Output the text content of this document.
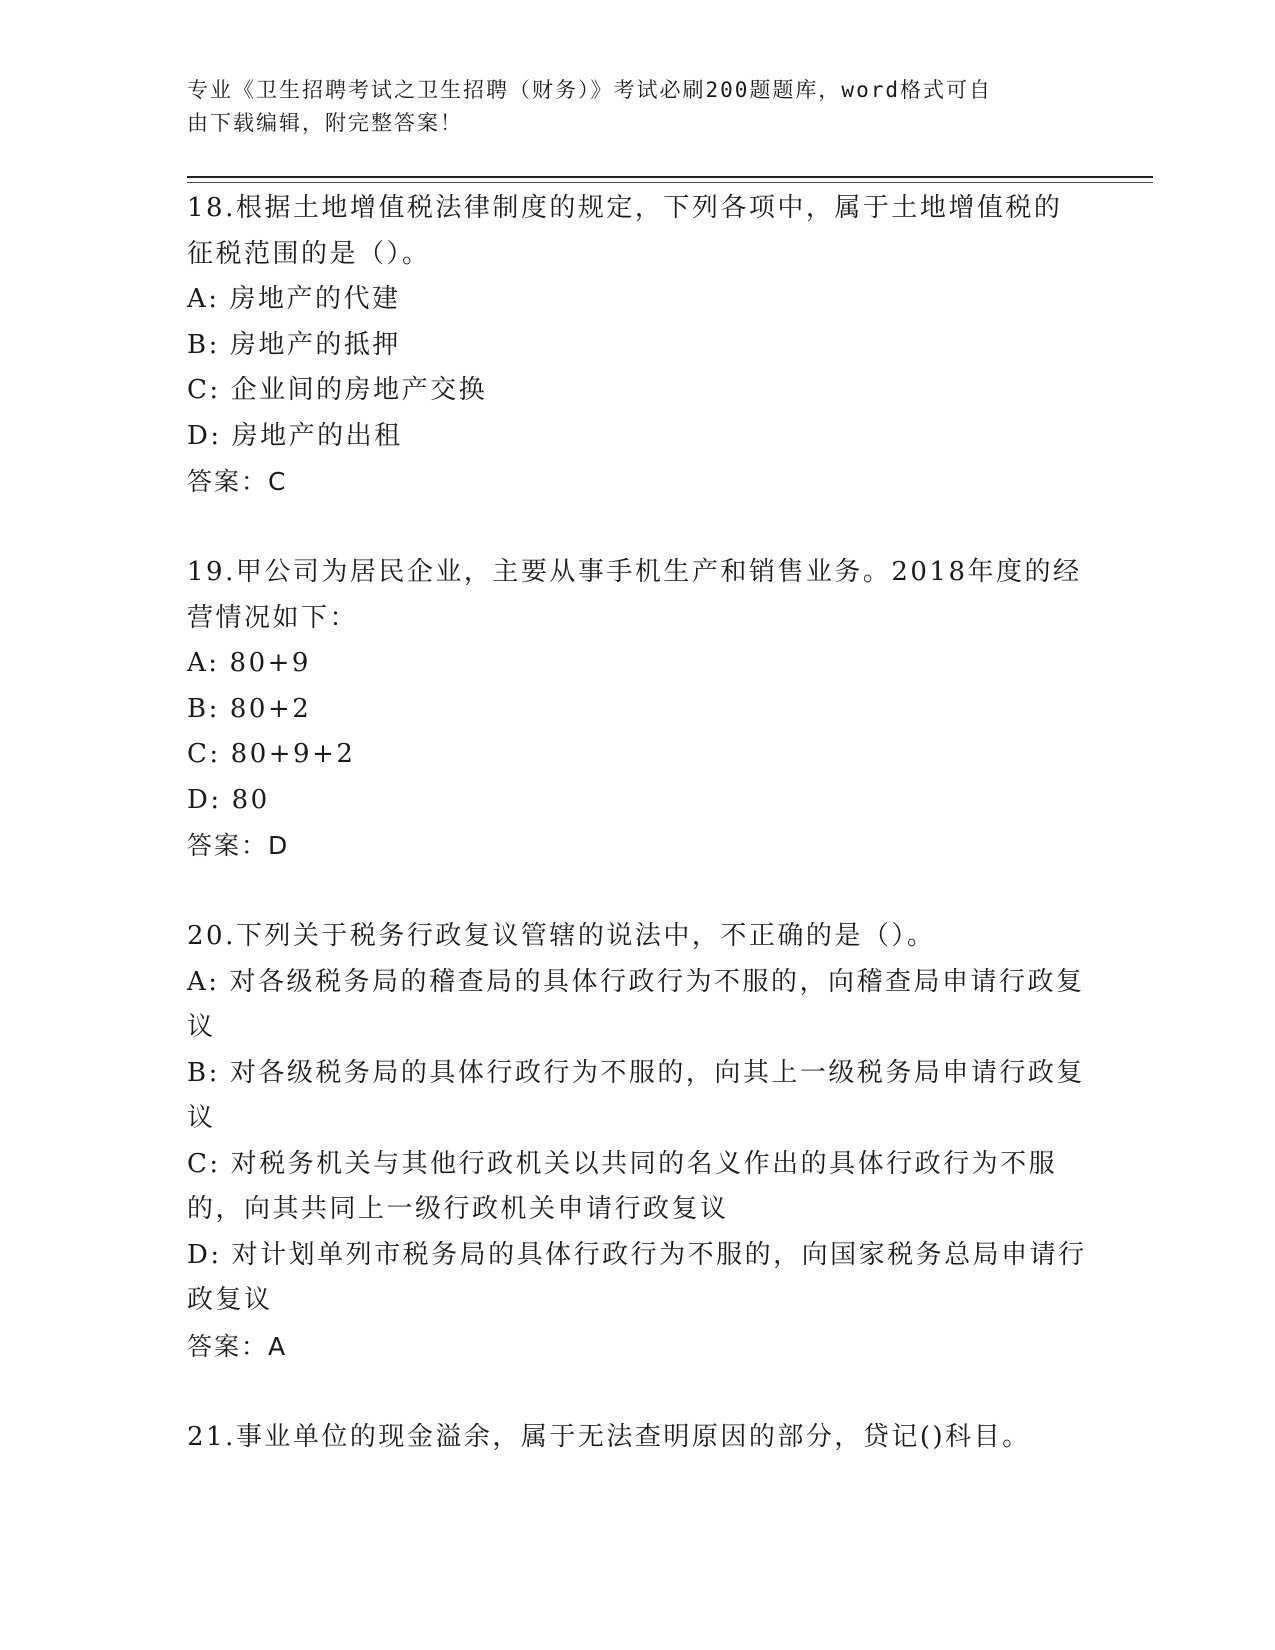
专业《卫生招聘考试之卫生招聘（财务）》考试必刷200题题库，word格式可自
由下载编辑，附完整答案！

18.根据土地增值税法律制度的规定，下列各项中，属于土地增值税的征税范围的是（）。

A: 房地产的代建

B: 房地产的抵押

C: 企业间的房地产交换

D: 房地产的出租

答案：C

19.甲公司为居民企业，主要从事手机生产和销售业务。2018年度的经营情况如下：

A: 80+9

B: 80+2

C: 80+9+2

D: 80

答案：D

20.下列关于税务行政复议管辖的说法中，不正确的是（）。

A: 对各级税务局的稽查局的具体行政行为不服的，向稽查局申请行政复议

B: 对各级税务局的具体行政行为不服的，向其上一级税务局申请行政复议

C: 对税务机关与其他行政机关以共同的名义作出的具体行政行为不服的，向其共同上一级行政机关申请行政复议

D: 对计划单列市税务局的具体行政行为不服的，向国家税务总局申请行政复议

答案：A

21.事业单位的现金溢余，属于无法查明原因的部分，贷记()科目。
